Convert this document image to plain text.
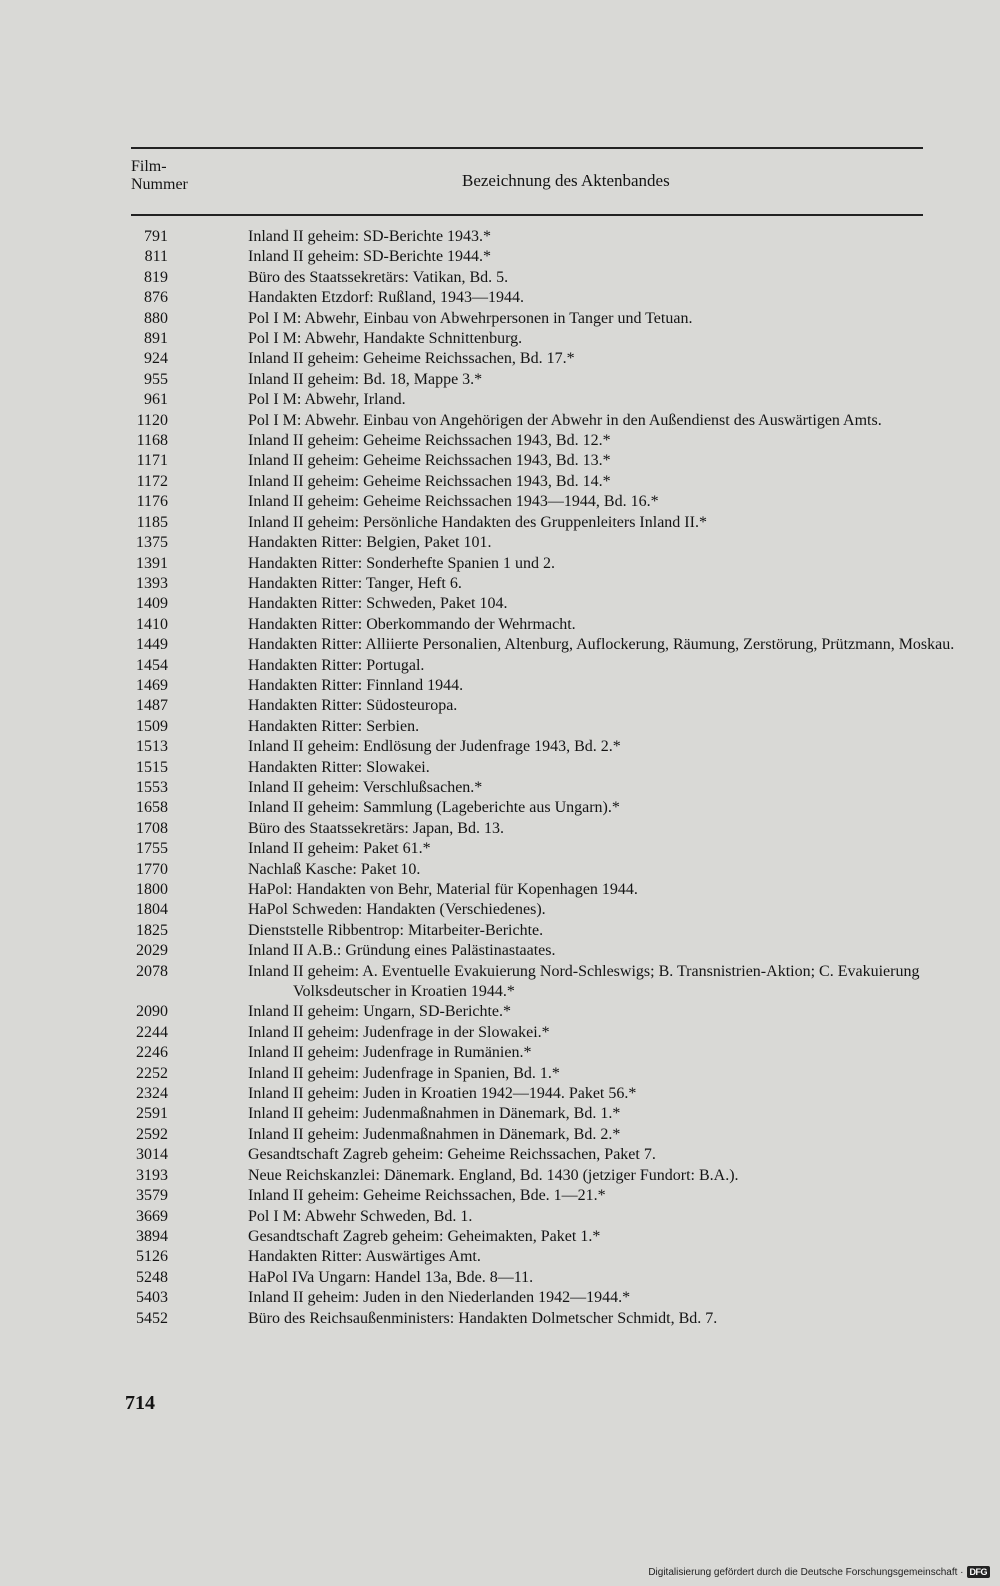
Film-
Nummer	Bezeichnung des Aktenbandes
791	Inland II geheim: SD-Berichte 1943.*
811	Inland II geheim: SD-Berichte 1944.*
819	Büro des Staatssekretärs: Vatikan, Bd. 5.
876	Handakten Etzdorf: Rußland, 1943—1944.
880	Pol I M: Abwehr, Einbau von Abwehrpersonen in Tanger und Tetuan.
891	Pol I M: Abwehr, Handakte Schnittenburg.
924	Inland II geheim: Geheime Reichssachen, Bd. 17.*
955	Inland II geheim: Bd. 18, Mappe 3.*
961	Pol I M: Abwehr, Irland.
1120	Pol I M: Abwehr. Einbau von Angehörigen der Abwehr in den Außendienst des Auswärtigen Amts.
1168	Inland II geheim: Geheime Reichssachen 1943, Bd. 12.*
1171	Inland II geheim: Geheime Reichssachen 1943, Bd. 13.*
1172	Inland II geheim: Geheime Reichssachen 1943, Bd. 14.*
1176	Inland II geheim: Geheime Reichssachen 1943—1944, Bd. 16.*
1185	Inland II geheim: Persönliche Handakten des Gruppenleiters Inland II.*
1375	Handakten Ritter: Belgien, Paket 101.
1391	Handakten Ritter: Sonderhefte Spanien 1 und 2.
1393	Handakten Ritter: Tanger, Heft 6.
1409	Handakten Ritter: Schweden, Paket 104.
1410	Handakten Ritter: Oberkommando der Wehrmacht.
1449	Handakten Ritter: Alliierte Personalien, Altenburg, Auflockerung, Räumung, Zerstörung, Prützmann, Moskau.
1454	Handakten Ritter: Portugal.
1469	Handakten Ritter: Finnland 1944.
1487	Handakten Ritter: Südosteuropa.
1509	Handakten Ritter: Serbien.
1513	Inland II geheim: Endlösung der Judenfrage 1943, Bd. 2.*
1515	Handakten Ritter: Slowakei.
1553	Inland II geheim: Verschlußsachen.*
1658	Inland II geheim: Sammlung (Lageberichte aus Ungarn).*
1708	Büro des Staatssekretärs: Japan, Bd. 13.
1755	Inland II geheim: Paket 61.*
1770	Nachlaß Kasche: Paket 10.
1800	HaPol: Handakten von Behr, Material für Kopenhagen 1944.
1804	HaPol Schweden: Handakten (Verschiedenes).
1825	Dienststelle Ribbentrop: Mitarbeiter-Berichte.
2029	Inland II A.B.: Gründung eines Palästinastaates.
2078	Inland II geheim: A. Eventuelle Evakuierung Nord-Schleswigs; B. Transnistrien-Aktion; C. Evakuierung Volksdeutscher in Kroatien 1944.*
2090	Inland II geheim: Ungarn, SD-Berichte.*
2244	Inland II geheim: Judenfrage in der Slowakei.*
2246	Inland II geheim: Judenfrage in Rumänien.*
2252	Inland II geheim: Judenfrage in Spanien, Bd. 1.*
2324	Inland II geheim: Juden in Kroatien 1942—1944. Paket 56.*
2591	Inland II geheim: Judenmaßnahmen in Dänemark, Bd. 1.*
2592	Inland II geheim: Judenmaßnahmen in Dänemark, Bd. 2.*
3014	Gesandtschaft Zagreb geheim: Geheime Reichssachen, Paket 7.
3193	Neue Reichskanzlei: Dänemark. England, Bd. 1430 (jetziger Fundort: B.A.).
3579	Inland II geheim: Geheime Reichssachen, Bde. 1—21.*
3669	Pol I M: Abwehr Schweden, Bd. 1.
3894	Gesandtschaft Zagreb geheim: Geheimakten, Paket 1.*
5126	Handakten Ritter: Auswärtiges Amt.
5248	HaPol IVa Ungarn: Handel 13a, Bde. 8—11.
5403	Inland II geheim: Juden in den Niederlanden 1942—1944.*
5452	Büro des Reichsaußenministers: Handakten Dolmetscher Schmidt, Bd. 7.
714
Digitalisierung gefördert durch die Deutsche Forschungsgemeinschaft · DFG
